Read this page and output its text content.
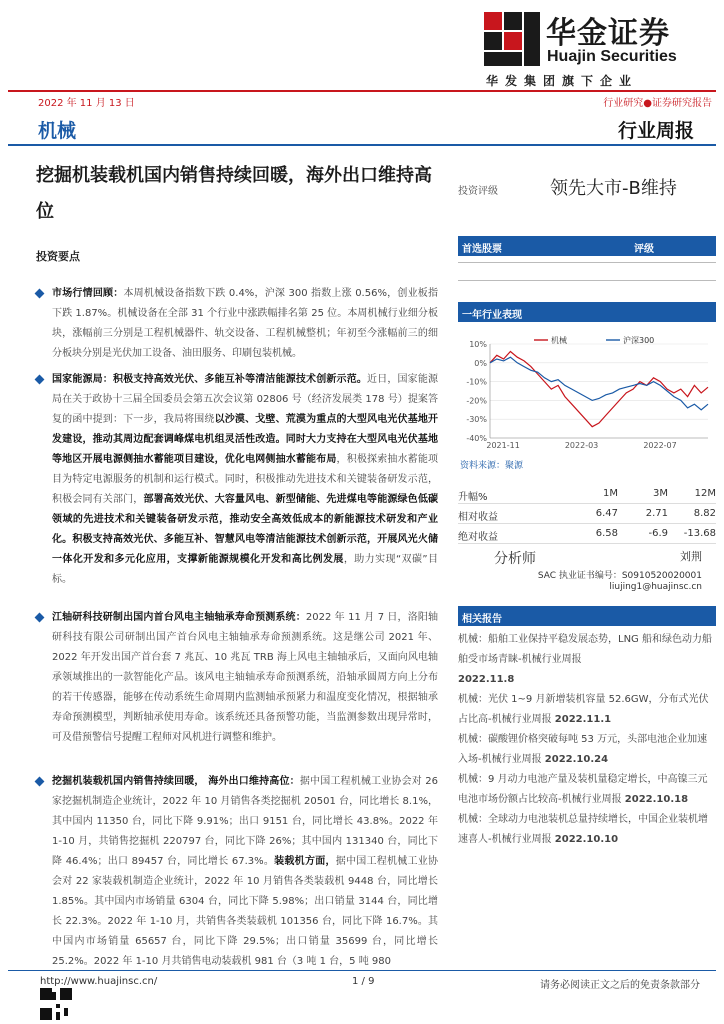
华金证券
Huajin Securities
华发集团旗下企业
2022 年 11 月 13 日	行业研究●证券研究报告
机械	行业周报
挖掘机装载机国内销售持续回暖，海外出口维持高位
投资评级	领先大市-B维持
首选股票	评级
一年行业表现
10%
0%
-10%
-20%
-30%
-40%
2021-11	2022-03	2022-07
机械	沪深300
资料来源：聚源
升幅%	1M	3M	12M
相对收益	6.47	2.71	8.82
绝对收益	6.58	-6.9	-13.68
分析师	刘荆
SAC 执业证书编号：S0910520020001
liujing1@huajinsc.cn
相关报告
机械：船舶工业保持平稳发展态势，LNG 船和绿色动力船舶受市场青睐-机械行业周报
2022.11.8
机械：光伏 1~9 月新增装机容量 52.6GW，分布式光伏占比高-机械行业周报 2022.11.1
机械：碳酸锂价格突破每吨 53 万元，头部电池企业加速入场-机械行业周报 2022.10.24
机械：9 月动力电池产量及装机量稳定增长，中高镍三元电池市场份额占比较高-机械行业周报 2022.10.18
机械：全球动力电池装机总量持续增长，中国企业装机增速喜人-机械行业周报 2022.10.10
投资要点
市场行情回顾：本周机械设备指数下跌 0.4%，沪深 300 指数上涨 0.56%，创业板指下跌 1.87%。机械设备在全部 31 个行业中涨跌幅排名第 25 位。本周机械行业细分板块，涨幅前三分别是工程机械器件、轨交设备、工程机械整机；年初至今涨幅前三的细分板块分别是光伏加工设备、油田服务、印刷包装机械。
国家能源局：积极支持高效光伏、多能互补等清洁能源技术创新示范。近日，国家能源局在关于政协十三届全国委员会第五次会议第 02806 号（经济发展类 178 号）提案答复的函中提到：下一步，我局将围绕以沙漠、戈壁、荒漠为重点的大型风电光伏基地开发建设，推动其周边配套调峰煤电机组灵活性改造。同时大力支持在大型风电光伏基地等地区开展电源侧抽水蓄能项目建设，优化电网侧抽水蓄能布局，积极探索抽水蓄能项目为特定电源服务的机制和运行模式。同时，积极推动先进技术和关键装备研发示范，积极会同有关部门，部署高效光伏、大容量风电、新型储能、先进煤电等能源绿色低碳领域的先进技术和关键装备研发示范，推动安全高效低成本的新能源技术研发和产业化。积极支持高效光伏、多能互补、智慧风电等清洁能源技术创新示范，开展风光火储一体化开发和多元化应用，支撑新能源规模化开发和高比例发展，助力实现“双碳”目标。
江轴研科技研制出国内首台风电主轴轴承寿命预测系统：2022 年 11 月 7 日，洛阳轴研科技有限公司研制出国产首台风电主轴轴承寿命预测系统。这是继公司 2021 年、2022 年开发出国产首台套 7 兆瓦、10 兆瓦 TRB 海上风电主轴轴承后，又面向风电轴承领域推出的一款智能化产品。该风电主轴轴承寿命预测系统，沿轴承圆周方向上分布的若干传感器，能够在传动系统生命周期内监测轴承预紧力和温度变化情况，根据轴承寿命预测模型，判断轴承使用寿命。该系统还具备预警功能，当监测参数出现异常时，可及借预警信号提醒工程师对风机进行调整和维护。
挖掘机装载机国内销售持续回暖， 海外出口维持高位：据中国工程机械工业协会对 26 家挖掘机制造企业统计，2022 年 10 月销售各类挖掘机 20501 台，同比增长 8.1%，其中国内 11350 台，同比下降 9.91%；出口 9151 台，同比增长 43.8%。2022 年 1-10 月，共销售挖掘机 220797 台，同比下降 26%；其中国内 131340 台，同比下降 46.4%；出口 89457 台，同比增长 67.3%。装载机方面，据中国工程机械工业协会对 22 家装载机制造企业统计，2022 年 10 月销售各类装载机 9448 台，同比增长 1.85%。其中国内市场销量 6304 台，同比下降 5.98%；出口销量 3144 台，同比增长 22.3%。2022 年 1-10 月，共销售各类装载机 101356 台，同比下降 16.7%。其中国内市场销量 65657 台，同比下降 29.5%；出口销量 35699 台，同比增长 25.2%。2022 年 1-10 月共销售电动装载机 981 台（3 吨 1 台，5 吨 980
http://www.huajinsc.cn/	1 / 9	请务必阅读正文之后的免责条款部分
